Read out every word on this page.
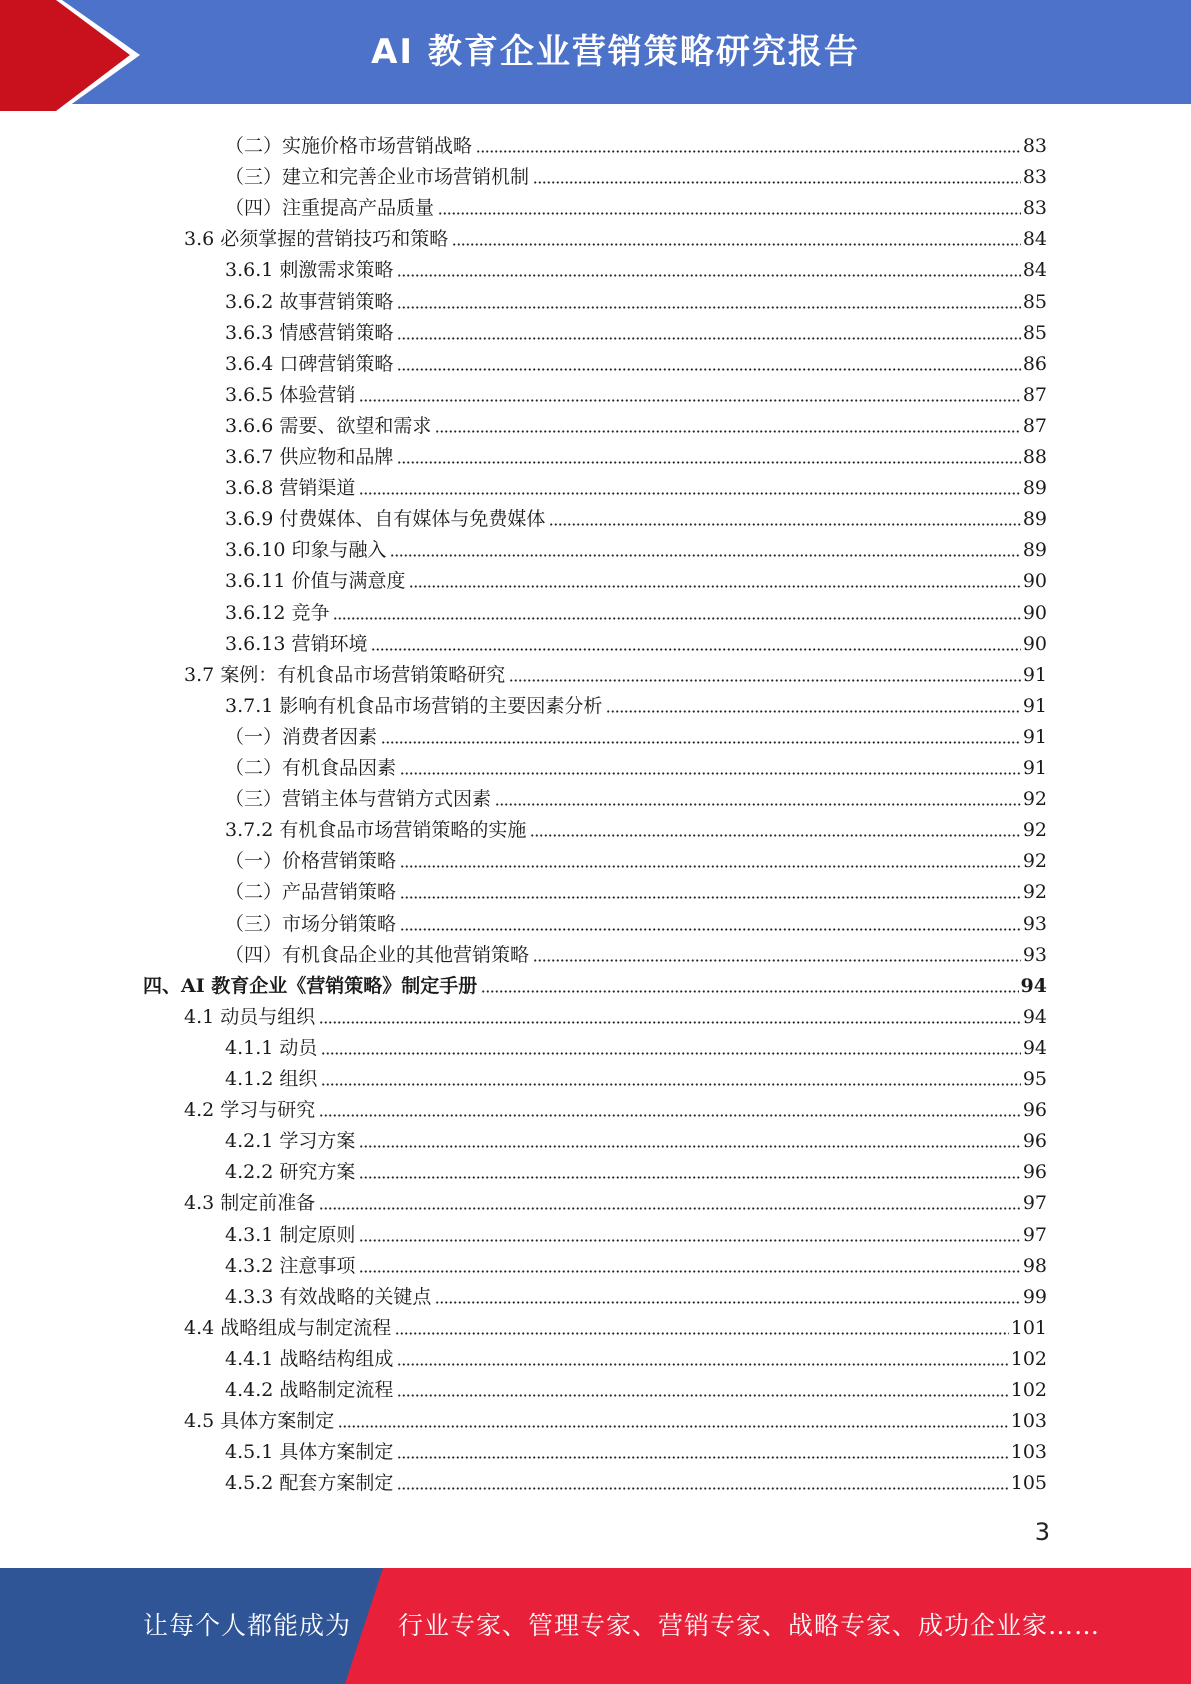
AI 教育企业营销策略研究报告
（二）实施价格市场营销战略	83
（三）建立和完善企业市场营销机制	83
（四）注重提高产品质量	83
3.6 必须掌握的营销技巧和策略	84
3.6.1 刺激需求策略	84
3.6.2 故事营销策略	85
3.6.3 情感营销策略	85
3.6.4 口碑营销策略	86
3.6.5 体验营销	87
3.6.6 需要、欲望和需求	87
3.6.7 供应物和品牌	88
3.6.8 营销渠道	89
3.6.9 付费媒体、自有媒体与免费媒体	89
3.6.10 印象与融入	89
3.6.11 价值与满意度	90
3.6.12 竞争	90
3.6.13 营销环境	90
3.7 案例：有机食品市场营销策略研究	91
3.7.1 影响有机食品市场营销的主要因素分析	91
（一）消费者因素	91
（二）有机食品因素	91
（三）营销主体与营销方式因素	92
3.7.2 有机食品市场营销策略的实施	92
（一）价格营销策略	92
（二）产品营销策略	92
（三）市场分销策略	93
（四）有机食品企业的其他营销策略	93
四、AI 教育企业《营销策略》制定手册	94
4.1 动员与组织	94
4.1.1 动员	94
4.1.2 组织	95
4.2 学习与研究	96
4.2.1 学习方案	96
4.2.2 研究方案	96
4.3 制定前准备	97
4.3.1 制定原则	97
4.3.2 注意事项	98
4.3.3 有效战略的关键点	99
4.4 战略组成与制定流程	101
4.4.1 战略结构组成	102
4.4.2 战略制定流程	102
4.5 具体方案制定	103
4.5.1 具体方案制定	103
4.5.2 配套方案制定	105
3
让每个人都能成为 行业专家、管理专家、营销专家、战略专家、成功企业家……
